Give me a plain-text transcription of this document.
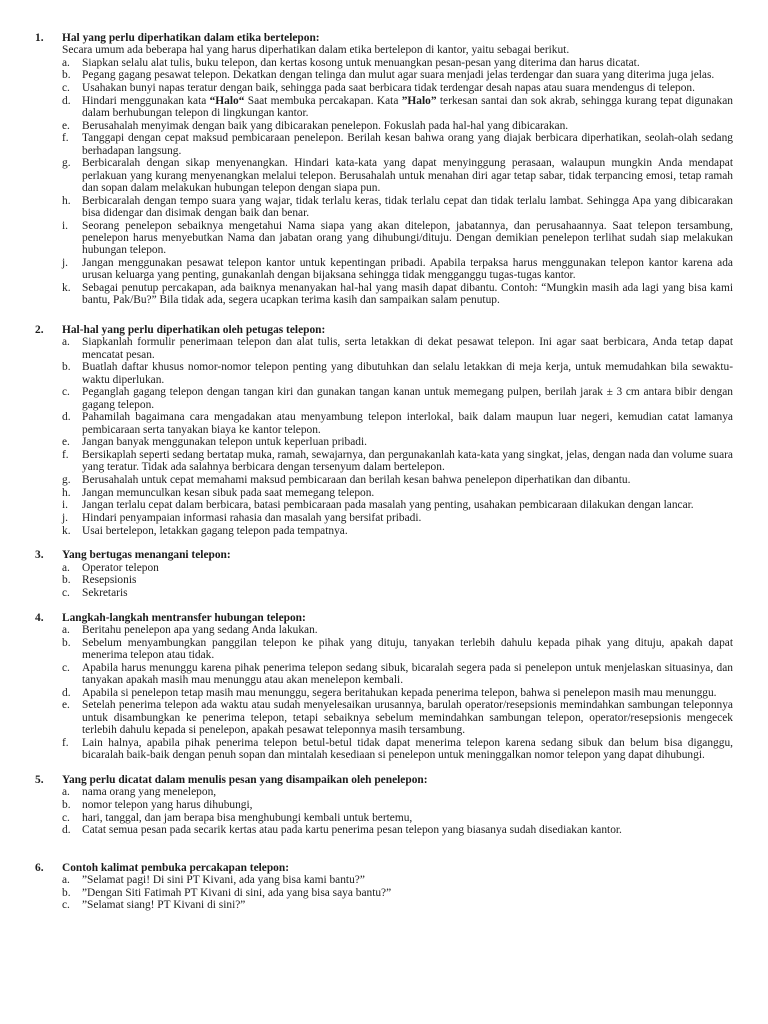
1. Hal yang perlu diperhatikan dalam etika bertelepon:
Secara umum ada beberapa hal yang harus diperhatikan dalam etika bertelepon di kantor, yaitu sebagai berikut.
a. Siapkan selalu alat tulis, buku telepon, dan kertas kosong untuk menuangkan pesan-pesan yang diterima dan harus dicatat.
b. Pegang gagang pesawat telepon. Dekatkan dengan telinga dan mulut agar suara menjadi jelas terdengar dan suara yang diterima juga jelas.
c. Usahakan bunyi napas teratur dengan baik, sehingga pada saat berbicara tidak terdengar desah napas atau suara mendengus di telepon.
d. Hindari menggunakan kata “Halo“ Saat membuka percakapan. Kata ”Halo” terkesan santai dan sok akrab, sehingga kurang tepat digunakan dalam berhubungan telepon di lingkungan kantor.
e. Berusahalah menyimak dengan baik yang dibicarakan penelepon. Fokuslah pada hal-hal yang dibicarakan.
f. Tanggapi dengan cepat maksud pembicaraan penelepon. Berilah kesan bahwa orang yang diajak berbicara diperhatikan, seolah-olah sedang berhadapan langsung.
g. Berbicaralah dengan sikap menyenangkan. Hindari kata-kata yang dapat menyinggung perasaan, walaupun mungkin Anda mendapat perlakuan yang kurang menyenangkan melalui telepon. Berusahalah untuk menahan diri agar tetap sabar, tidak terpancing emosi, tetap ramah dan sopan dalam melakukan hubungan telepon dengan siapa pun.
h. Berbicaralah dengan tempo suara yang wajar, tidak terlalu keras, tidak terlalu cepat dan tidak terlalu lambat. Sehingga Apa yang dibicarakan bisa didengar dan disimak dengan baik dan benar.
i. Seorang penelepon sebaiknya mengetahui Nama siapa yang akan ditelepon, jabatannya, dan perusahaannya. Saat telepon tersambung, penelepon harus menyebutkan Nama dan jabatan orang yang dihubungi/dituju. Dengan demikian penelepon terlihat sudah siap melakukan hubungan telepon.
j. Jangan menggunakan pesawat telepon kantor untuk kepentingan pribadi. Apabila terpaksa harus menggunakan telepon kantor karena ada urusan keluarga yang penting, gunakanlah dengan bijaksana sehingga tidak mengganggu tugas-tugas kantor.
k. Sebagai penutup percakapan, ada baiknya menanyakan hal-hal yang masih dapat dibantu. Contoh: “Mungkin masih ada lagi yang bisa kami bantu, Pak/Bu?” Bila tidak ada, segera ucapkan terima kasih dan sampaikan salam penutup.
2. Hal-hal yang perlu diperhatikan oleh petugas telepon:
a. Siapkanlah formulir penerimaan telepon dan alat tulis, serta letakkan di dekat pesawat telepon. Ini agar saat berbicara, Anda tetap dapat mencatat pesan.
b. Buatlah daftar khusus nomor-nomor telepon penting yang dibutuhkan dan selalu letakkan di meja kerja, untuk memudahkan bila sewaktu-waktu diperlukan.
c. Peganglah gagang telepon dengan tangan kiri dan gunakan tangan kanan untuk memegang pulpen, berilah jarak ± 3 cm antara bibir dengan gagang telepon.
d. Pahamilah bagaimana cara mengadakan atau menyambung telepon interlokal, baik dalam maupun luar negeri, kemudian catat lamanya pembicaraan serta tanyakan biaya ke kantor telepon.
e. Jangan banyak menggunakan telepon untuk keperluan pribadi.
f. Bersikaplah seperti sedang bertatap muka, ramah, sewajarnya, dan pergunakanlah kata-kata yang singkat, jelas, dengan nada dan volume suara yang teratur. Tidak ada salahnya berbicara dengan tersenyum dalam bertelepon.
g. Berusahalah untuk cepat memahami maksud pembicaraan dan berilah kesan bahwa penelepon diperhatikan dan dibantu.
h. Jangan memunculkan kesan sibuk pada saat memegang telepon.
i. Jangan terlalu cepat dalam berbicara, batasi pembicaraan pada masalah yang penting, usahakan pembicaraan dilakukan dengan lancar.
j. Hindari penyampaian informasi rahasia dan masalah yang bersifat pribadi.
k. Usai bertelepon, letakkan gagang telepon pada tempatnya.
3. Yang bertugas menangani telepon:
a. Operator telepon
b. Resepsionis
c. Sekretaris
4. Langkah-langkah mentransfer hubungan telepon:
a. Beritahu penelepon apa yang sedang Anda lakukan.
b. Sebelum menyambungkan panggilan telepon ke pihak yang dituju, tanyakan terlebih dahulu kepada pihak yang dituju, apakah dapat menerima telepon atau tidak.
c. Apabila harus menunggu karena pihak penerima telepon sedang sibuk, bicaralah segera pada si penelepon untuk menjelaskan situasinya, dan tanyakan apakah masih mau menunggu atau akan menelepon kembali.
d. Apabila si penelepon tetap masih mau menunggu, segera beritahukan kepada penerima telepon, bahwa si penelepon masih mau menunggu.
e. Setelah penerima telepon ada waktu atau sudah menyelesaikan urusannya, barulah operator/resepsionis memindahkan sambungan teleponnya untuk disambungkan ke penerima telepon, tetapi sebaiknya sebelum memindahkan sambungan telepon, operator/resepsionis mengecek terlebih dahulu kepada si penelepon, apakah pesawat teleponnya masih tersambung.
f. Lain halnya, apabila pihak penerima telepon betul-betul tidak dapat menerima telepon karena sedang sibuk dan belum bisa diganggu, bicaralah baik-baik dengan penuh sopan dan mintalah kesediaan si penelepon untuk meninggalkan nomor telepon yang dapat dihubungi.
5. Yang perlu dicatat dalam menulis pesan yang disampaikan oleh penelepon:
a. nama orang yang menelepon,
b. nomor telepon yang harus dihubungi,
c. hari, tanggal, dan jam berapa bisa menghubungi kembali untuk bertemu,
d. Catat semua pesan pada secarik kertas atau pada kartu penerima pesan telepon yang biasanya sudah disediakan kantor.
6. Contoh kalimat pembuka percakapan telepon:
a. ”Selamat pagi! Di sini PT Kivani, ada yang bisa kami bantu?”
b. ”Dengan Siti Fatimah PT Kivani di sini, ada yang bisa saya bantu?”
c. ”Selamat siang! PT Kivani di sini?”
